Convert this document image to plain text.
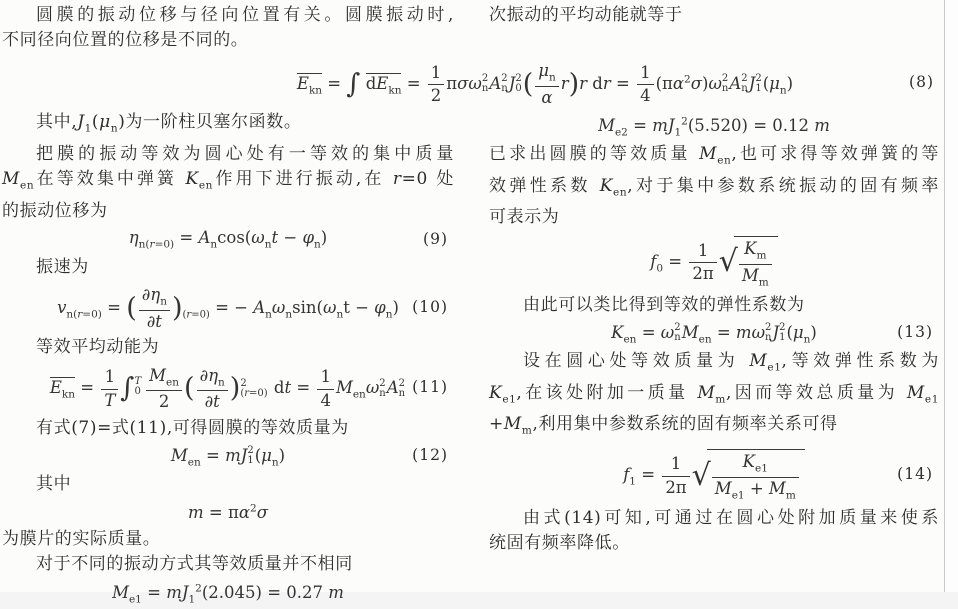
圆膜的振动位移与径向位置有关。圆膜振动时,
不同径向位置的位移是不同的。
次振动的平均动能就等于
$E_{kn}$ = ∫ $dE_{kn} = \frac{1}{2}$ πσω 2
n A 2
n J 2
0 ( $\frac{\mu_n}{\alpha} r)r$ dr = $\frac{1}{4} (\pi\alpha^2\sigma)\omega$ 2
n A 2
n J 2
1 $(\mu_n)$	(8)
其中$,J_1(\mu_n)$为一阶柱贝塞尔函数。
把膜的振动等效为圆心处有一等效的集中质量
$M_{en}$在等效集中弹簧 $K_{en}$作用下进行振动,在 r=0 处
的振动位移为
$\eta_{n(r=0)} = A_n\cos(\omega_nt - \varphi_n)$	(9)
振速为
$v_{n(r=0)}$ = ( $\frac{\partial\eta_n}{\partial t} )_{(r=0)}$ = − $A_n\omega_n\sin(\omega_nt - \varphi_n)$ (10)
等效平均动能为
$E_{kn} = \frac{1}{T}$ ∫ T
0
$M_{en}$
2 ( $\frac{\partial\eta_n}{\partial t}$ ) 2
(r=0) dt = $\frac{1}{4} M_{en}\omega$ 2
n A 2
n (11)
有式(7)=式(11),可得圆膜的等效质量为
$M_{en}$ = mJ 2
1 $(\mu_n)$	(12)
其中
$m = \pi\alpha^2\sigma$
为膜片的实际质量。
对于不同的振动方式其等效质量并不相同
$M_{e1} = mJ_1^2(2.045) = 0.27$ m
$M_{e2} = mJ_1^2(5.520) = 0.12$ m
已求出圆膜的等效质量 $M_{en}$,也可求得等效弹簧的等
效弹性系数 $K_{en}$,对于集中参数系统振动的固有频率
可表示为
$f_0 = \frac{1}{2\pi}$ √ $\frac{K_m}{M_m}$
由此可以类比得到等效的弹性系数为
$K_{en} = \omega$ 2
n $M_{en} = m\omega$ 2
n J 2
1 $(\mu_n)$	(13)
设在圆心处等效质量为 $M_{e1}$,等效弹性系数为
$K_{e1}$,在该处附加一质量 $M_m$,因而等效总质量为 $M_{e1}$
$+M_m$,利用集中参数系统的固有频率关系可得
$f_1 = \frac{1}{2\pi}$ √ $\frac{K_{e1}}{M_{e1} + M_m}$	(14)
由式(14)可知,可通过在圆心处附加质量来使系
统固有频率降低。
